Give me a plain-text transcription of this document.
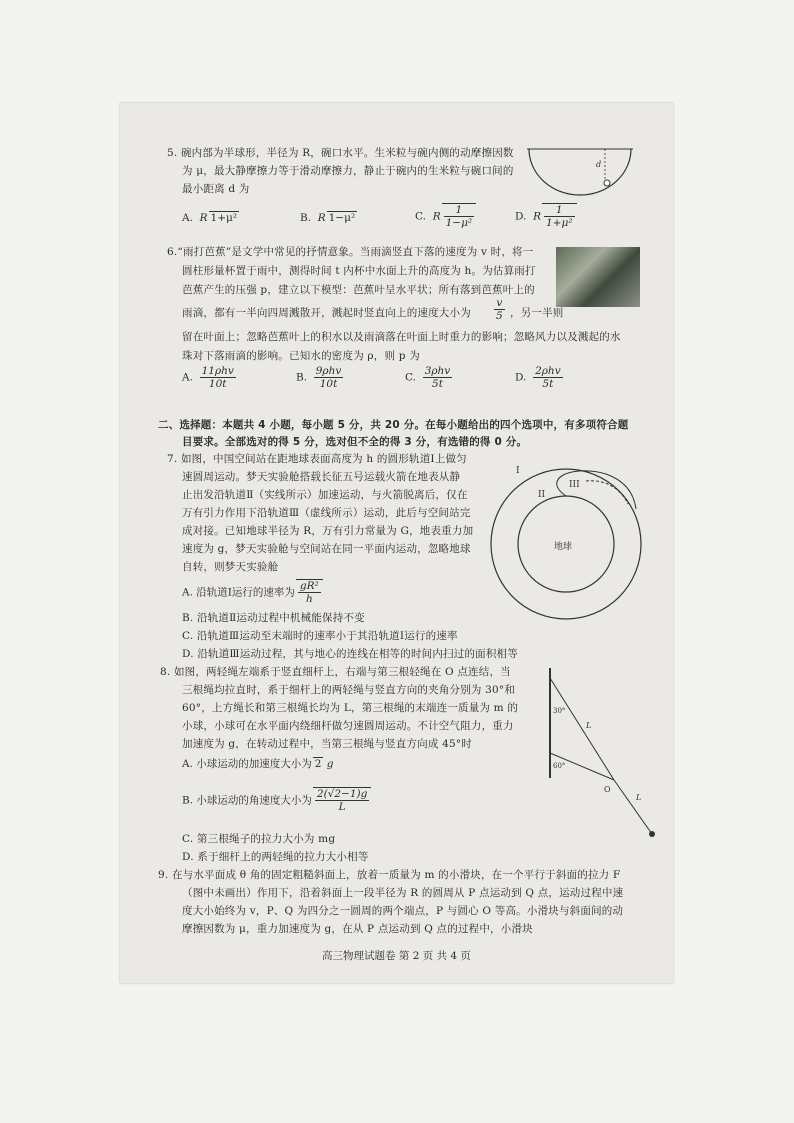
5. 碗内部为半球形，半径为 R，碗口水平。生米粒与碗内侧的动摩擦因数
为 μ，最大静摩擦力等于滑动摩擦力，静止于碗内的生米粒与碗口间的
最小距离 d 为
d
A. R 1+μ²	B. R 1−μ²	C. R $\frac{1}{\text{1−μ²}}$	D. R $\frac{1}{\text{1+μ²}}$
6.“雨打芭蕉”是文学中常见的抒情意象。当雨滴竖直下落的速度为 v 时，将一
圆柱形量杯置于雨中，测得时间 t 内杯中水面上升的高度为 h。为估算雨打
芭蕉产生的压强 p，建立以下模型：芭蕉叶呈水平状；所有落到芭蕉叶上的
雨滴，都有一半向四周溅散开，溅起时竖直向上的速度大小为 $\frac{v}{5}$ ，另一半则
留在叶面上；忽略芭蕉叶上的积水以及雨滴落在叶面上时重力的影响；忽略风力以及溅起的水
珠对下落雨滴的影响。已知水的密度为 ρ，则 p 为
A. $\frac{\text{11ρhv}}{10t}$	B. $\frac{\text{9ρhv}}{10t}$	C. $\frac{\text{3ρhv}}{5t}$	D. $\frac{\text{2ρhv}}{5t}$
二、选择题：本题共 4 小题，每小题 5 分，共 20 分。在每小题给出的四个选项中，有多项符合题
目要求。全部选对的得 5 分，选对但不全的得 3 分，有选错的得 0 分。
7. 如图，中国空间站在距地球表面高度为 h 的圆形轨道Ⅰ上做匀
速圆周运动。梦天实验舱搭载长征五号运载火箭在地表从静
止出发沿轨道Ⅱ（实线所示）加速运动，与火箭脱离后，仅在
万有引力作用下沿轨道Ⅲ（虚线所示）运动，此后与空间站完
成对接。已知地球半径为 R，万有引力常量为 G，地表重力加
速度为 g，梦天实验舱与空间站在同一平面内运动，忽略地球
自转，则梦天实验舱
A. 沿轨道Ⅰ运行的速率为 $\frac{\text{gR²}}{h}$
B. 沿轨道Ⅱ运动过程中机械能保持不变
C. 沿轨道Ⅲ运动至末端时的速率小于其沿轨道Ⅰ运行的速率
D. 沿轨道Ⅲ运动过程，其与地心的连线在相等的时间内扫过的面积相等
I
II
III
地球
8. 如图，两轻绳左端系于竖直细杆上，右端与第三根轻绳在 O 点连结，当
三根绳均拉直时，系于细杆上的两轻绳与竖直方向的夹角分别为 30°和
60°，上方绳长和第三根绳长均为 L，第三根绳的末端连一质量为 m 的
小球，小球可在水平面内绕细杆做匀速圆周运动。不计空气阻力，重力
加速度为 g，在转动过程中，当第三根绳与竖直方向成 45°时
A. 小球运动的加速度大小为 2 g
B. 小球运动的角速度大小为 $\frac{2(√2-1)g}{L}$
C. 第三根绳子的拉力大小为 mg
D. 系于细杆上的两轻绳的拉力大小相等
30°
60°
L
L
O
9. 在与水平面成 θ 角的固定粗糙斜面上，放着一质量为 m 的小滑块，在一个平行于斜面的拉力 F
（图中未画出）作用下，沿着斜面上一段半径为 R 的圆周从 P 点运动到 Q 点，运动过程中速
度大小始终为 v，P、Q 为四分之一圆周的两个端点，P 与圆心 O 等高。小滑块与斜面间的动
摩擦因数为 μ，重力加速度为 g，在从 P 点运动到 Q 点的过程中，小滑块
高三物理试题卷 第 2 页 共 4 页
